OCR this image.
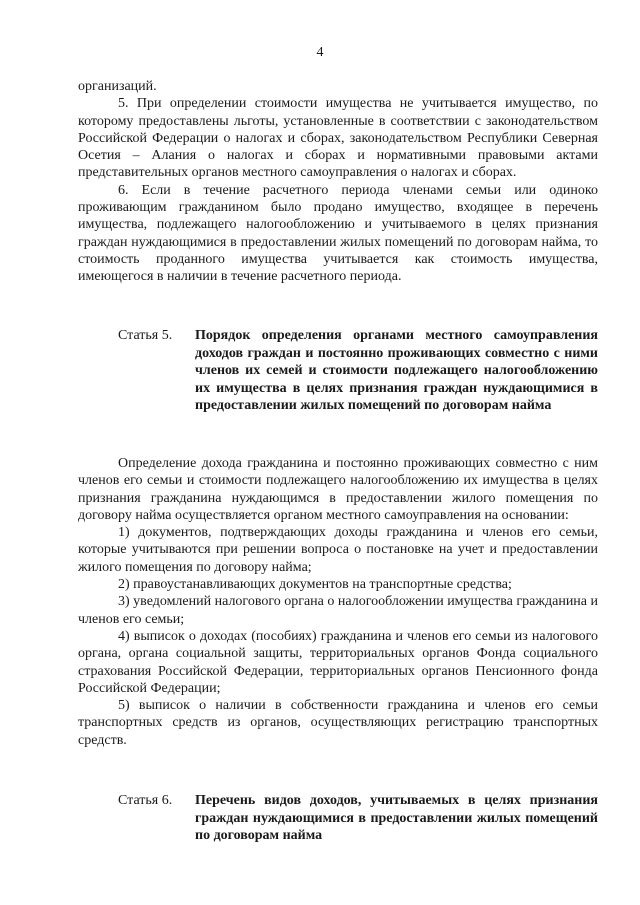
4

организаций.

5. При определении стоимости имущества не учитывается имущество, по которому предоставлены льготы, установленные в соответствии с законодательством Российской Федерации о налогах и сборах, законодательством Республики Северная Осетия – Алания о налогах и сборах и нормативными правовыми актами представительных органов местного самоуправления о налогах и сборах.

6. Если в течение расчетного периода членами семьи или одиноко проживающим гражданином было продано имущество, входящее в перечень имущества, подлежащего налогообложению и учитываемого в целях признания граждан нуждающимися в предоставлении жилых помещений по договорам найма, то стоимость проданного имущества учитывается как стоимость имущества, имеющегося в наличии в течение расчетного периода.

Статья 5. Порядок определения органами местного самоуправления доходов граждан и постоянно проживающих совместно с ними членов их семей и стоимости подлежащего налогообложению их имущества в целях признания граждан нуждающимися в предоставлении жилых помещений по договорам найма

Определение дохода гражданина и постоянно проживающих совместно с ним членов его семьи и стоимости подлежащего налогообложению их имущества в целях признания гражданина нуждающимся в предоставлении жилого помещения по договору найма осуществляется органом местного самоуправления на основании:

1) документов, подтверждающих доходы гражданина и членов его семьи, которые учитываются при решении вопроса о постановке на учет и предоставлении жилого помещения по договору найма;

2) правоустанавливающих документов на транспортные средства;

3) уведомлений налогового органа о налогообложении имущества гражданина и членов его семьи;

4) выписок о доходах (пособиях) гражданина и членов его семьи из налогового органа, органа социальной защиты, территориальных органов Фонда социального страхования Российской Федерации, территориальных органов Пенсионного фонда Российской Федерации;

5) выписок о наличии в собственности гражданина и членов его семьи транспортных средств из органов, осуществляющих регистрацию транспортных средств.

Статья 6. Перечень видов доходов, учитываемых в целях признания граждан нуждающимися в предоставлении жилых помещений по договорам найма
